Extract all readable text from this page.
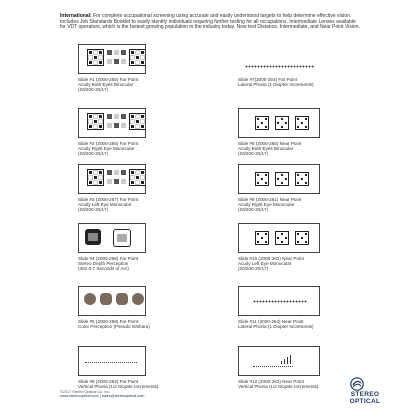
International: For complete occupational screening using accurate and easily understood targets to help determine effective vision. Includes Job Standards Booklet to easily identify individuals requiring further testing for all occupations. Intermediate Lenses available for VDT operators, which is the fastest growing population in the industry today. Now test Distance, Intermediate, and Near Point Vision.
Slide #1 (2000-255) Far Point
Acuity Both Eyes Binocular
(20/200-20/17)
Slide #2 (2000-256) Far Point
Acuity Right Eye Monocular
(20/200-20/17)
Slide #3 (2000-257) Far Point
Acuity Left Eye Monocular
(20/200-20/17)
Slide #4 (2000-258) Far Point
Stereo Depth Perception
(362.0-7 Seconds of Arc)
Slide #5 (2000-259) Far Point
Color Perception (Pseudo Ishihara)
Slide #6 (2000-253) Far Point
Vertical Phoria (1/2 Diopter Increments)
Slide #7(2000-254) Far Point
Lateral Phoria (1 Diopter Increments)
Slide #8 (2000-260) Near Point
Acuity Both Eyes Binocular
(20/200-20/17)
Slide #9 (2000-261) Near Point
Acuity Right Eye Monocular
(20/200-20/17)
Slide #10 (2000-262) Near Point
Acuity Left Eye Monocular
(20/200-20/17)
Slide #11 (2000-264) Near Point
Lateral Phoria (1 Diopter Increments)
Slide #12 (2000-263) Near Point
Vertical Phoria (1/2 Diopter Increments)
©2017 Stereo Optical Co. Inc.
www.stereooptical.com | sales@stereooptical.com	STEREO
OPTICAL
